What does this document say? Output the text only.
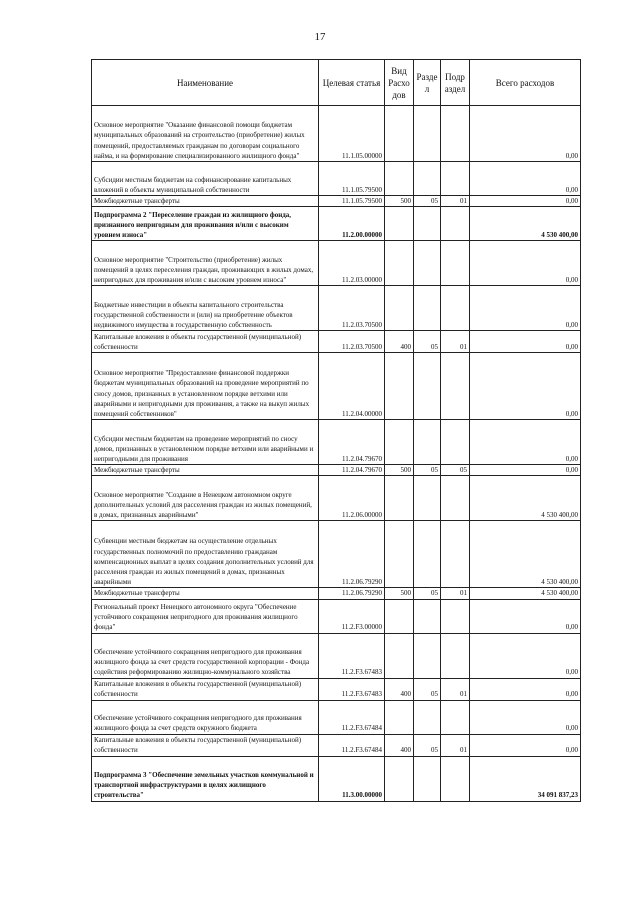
17
Наименование	Целевая статья	Вид Расхо дов	Разде л	Подр аздел	Всего расходов
Основное мероприятие "Оказание финансовой помощи бюджетам муниципальных образований на строительство (приобретение) жилых помещений, предоставляемых гражданам по договорам социального найма, и на формирование специализированного жилищного фонда"	11.1.05.00000				0,00
Субсидии местным бюджетам на софинансирование капитальных вложений в объекты муниципальной собственности	11.1.05.79500				0,00
Межбюджетные трансферты	11.1.05.79500	500	05	01	0,00
Подпрограмма 2 "Переселение граждан из жилищного фонда, признанного непригодным для проживания и/или с высоким уровнем износа"	11.2.00.00000				4 530 400,00
Основное мероприятие "Строительство (приобретение) жилых помещений в целях переселения граждан, проживающих в жилых домах, непригодных для проживания и/или с высоким уровнем износа"	11.2.03.00000				0,00
Бюджетные инвестиции в объекты капитального строительства государственной собственности и (или) на приобретение объектов недвижимого имущества в государственную собственность	11.2.03.70500				0,00
Капитальные вложения в объекты государственной (муниципальной) собственности	11.2.03.70500	400	05	01	0,00
Основное мероприятие "Предоставление финансовой поддержки бюджетам муниципальных образований на проведение мероприятий по сносу домов, признанных в установленном порядке ветхими или аварийными и непригодными для проживания, а также на выкуп жилых помещений собственников"	11.2.04.00000				0,00
Субсидии местным бюджетам на проведение мероприятий по сносу домов, признанных в установленном порядке ветхими или аварийными и непригодными для проживания	11.2.04.79670				0,00
Межбюджетные трансферты	11.2.04.79670	500	05	05	0,00
Основное мероприятие "Создание в Ненецком автономном округе дополнительных условий для расселения граждан из жилых помещений, в домах, признанных аварийными"	11.2.06.00000				4 530 400,00
Субвенции местным бюджетам на осуществление отдельных государственных полномочий по предоставлению гражданам компенсационных выплат в целях создания дополнительных условий для расселения граждан из жилых помещений в домах, признанных аварийными	11.2.06.79290				4 530 400,00
Межбюджетные трансферты	11.2.06.79290	500	05	01	4 530 400,00
Региональный проект Ненецкого автономного округа "Обеспечение устойчивого сокращения непригодного для проживания жилищного фонда"	11.2.F3.00000				0,00
Обеспечение устойчивого сокращения непригодного для проживания жилищного фонда за счет средств государственной корпорации - Фонда содействия реформированию жилищно-коммунального хозяйства	11.2.F3.67483				0,00
Капитальные вложения в объекты государственной (муниципальной) собственности	11.2.F3.67483	400	05	01	0,00
Обеспечение устойчивого сокращения непригодного для проживания жилищного фонда за счет средств окружного бюджета	11.2.F3.67484				0,00
Капитальные вложения в объекты государственной (муниципальной) собственности	11.2.F3.67484	400	05	01	0,00
Подпрограмма 3 "Обеспечение земельных участков коммунальной и транспортной инфраструктурами в целях жилищного строительства"	11.3.00.00000				34 091 837,23
